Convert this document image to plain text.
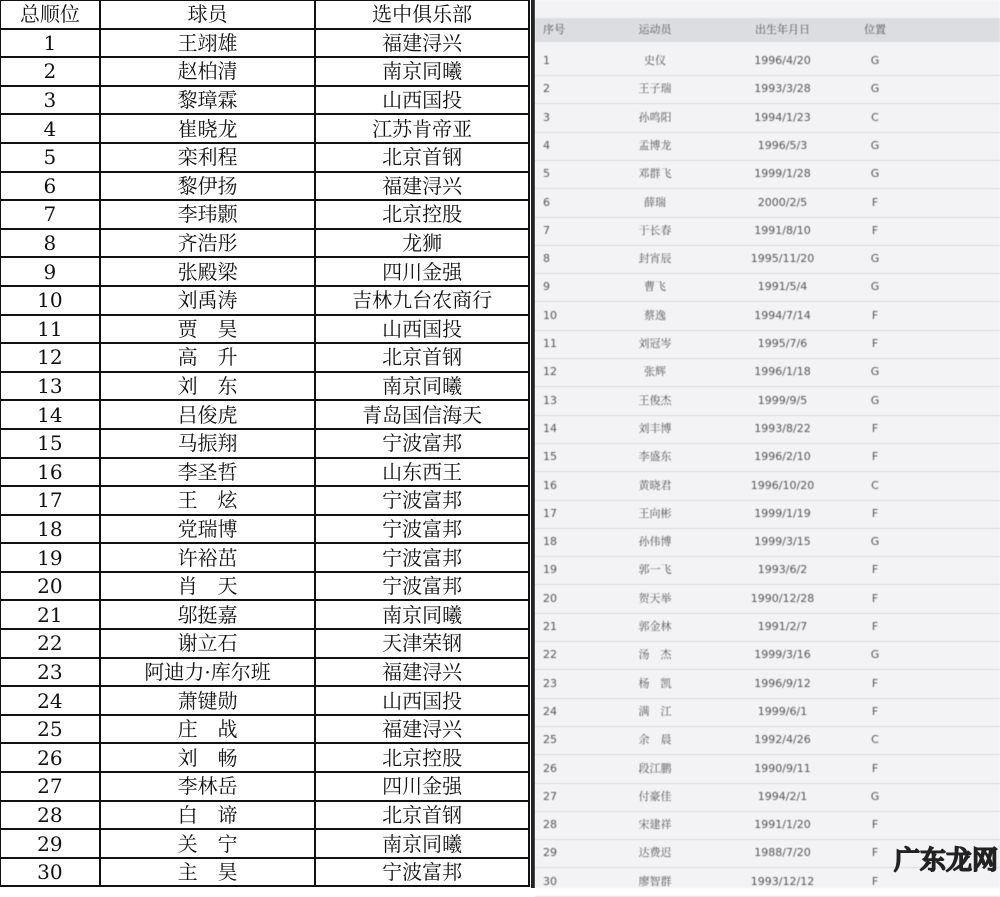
总顺位	球员	选中俱乐部
1	王翊雄	福建浔兴
2	赵柏清	南京同曦
3	黎璋霖	山西国投
4	崔晓龙	江苏肯帝亚
5	栾利程	北京首钢
6	黎伊扬	福建浔兴
7	李玮颢	北京控股
8	齐浩彤	龙狮
9	张殿梁	四川金强
10	刘禹涛	吉林九台农商行
11	贾　昊	山西国投
12	高　升	北京首钢
13	刘　东	南京同曦
14	吕俊虎	青岛国信海天
15	马振翔	宁波富邦
16	李圣哲	山东西王
17	王　炫	宁波富邦
18	党瑞博	宁波富邦
19	许裕茁	宁波富邦
20	肖　天	宁波富邦
21	邬挺嘉	南京同曦
22	谢立石	天津荣钢
23	阿迪力·库尔班	福建浔兴
24	萧键勋	山西国投
25	庄　战	福建浔兴
26	刘　畅	北京控股
27	李林岳	四川金强
28	白　谛	北京首钢
29	关　宁	南京同曦
30	主　昊	宁波富邦
序号	运动员	出生年月日	位置
1	史仪	1996/4/20	G
2	王子瑞	1993/3/28	G
3	孙鸣阳	1994/1/23	C
4	孟博龙	1996/5/3	G
5	邓群飞	1999/1/28	G
6	薛瑞	2000/2/5	F
7	于长春	1991/8/10	F
8	封宵辰	1995/11/20	G
9	曹飞	1991/5/4	G
10	蔡逸	1994/7/14	F
11	刘冠岑	1995/7/6	F
12	张辉	1996/1/18	G
13	王俊杰	1999/9/5	G
14	刘丰博	1993/8/22	F
15	李盛东	1996/2/10	F
16	黄晓君	1996/10/20	C
17	王向彬	1999/1/19	F
18	孙伟博	1999/3/15	G
19	郭一飞	1993/6/2	F
20	贺天举	1990/12/28	F
21	郭金林	1991/2/7	F
22	汤　杰	1999/3/16	G
23	杨　凯	1996/9/12	F
24	满　江	1999/6/1	F
25	余　晨	1992/4/26	C
26	段江鹏	1990/9/11	F
27	付豪佳	1994/2/1	G
28	宋建祥	1991/1/20	F
29	达费迟	1988/7/20	F
30	廖智群	1993/12/12	F
广东龙网
